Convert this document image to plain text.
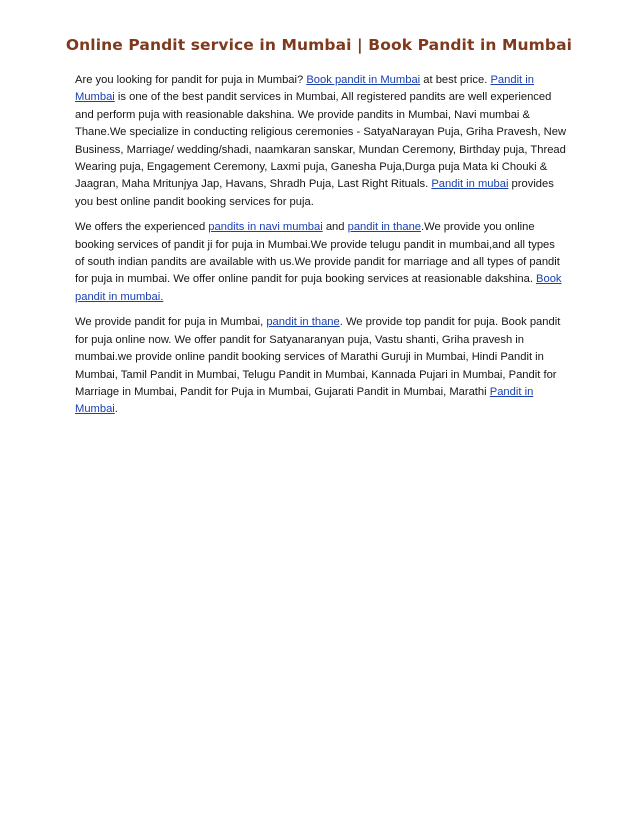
Online Pandit service in Mumbai | Book Pandit in Mumbai

Are you looking for pandit for puja in Mumbai? Book pandit in Mumbai at best price. Pandit in Mumbai is one of the best pandit services in Mumbai, All registered pandits are well experienced and perform puja with reasionable dakshina. We provide pandits in Mumbai, Navi mumbai & Thane.We specialize in conducting religious ceremonies - SatyaNarayan Puja, Griha Pravesh, New Business, Marriage/ wedding/shadi, naamkaran sanskar, Mundan Ceremony, Birthday puja, Thread Wearing puja, Engagement Ceremony, Laxmi puja, Ganesha Puja,Durga puja Mata ki Chouki & Jaagran, Maha Mritunjya Jap, Havans, Shradh Puja, Last Right Rituals. Pandit in mubai provides you best online pandit booking services for puja.

We offers the experienced pandits in navi mumbai and pandit in thane.We provide you online booking services of pandit ji for puja in Mumbai.We provide telugu pandit in mumbai,and all types of south indian pandits are available with us.We provide pandit for marriage and all types of pandit for puja in mumbai. We offer online pandit for puja booking services at reasionable dakshina. Book pandit in mumbai.

We provide pandit for puja in Mumbai, pandit in thane. We provide top pandit for puja. Book pandit for puja online now. We offer pandit for Satyanaranyan puja, Vastu shanti, Griha pravesh in mumbai.we provide online pandit booking services of Marathi Guruji in Mumbai, Hindi Pandit in Mumbai, Tamil Pandit in Mumbai, Telugu Pandit in Mumbai, Kannada Pujari in Mumbai, Pandit for Marriage in Mumbai, Pandit for Puja in Mumbai, Gujarati Pandit in Mumbai, Marathi Pandit in Mumbai.
